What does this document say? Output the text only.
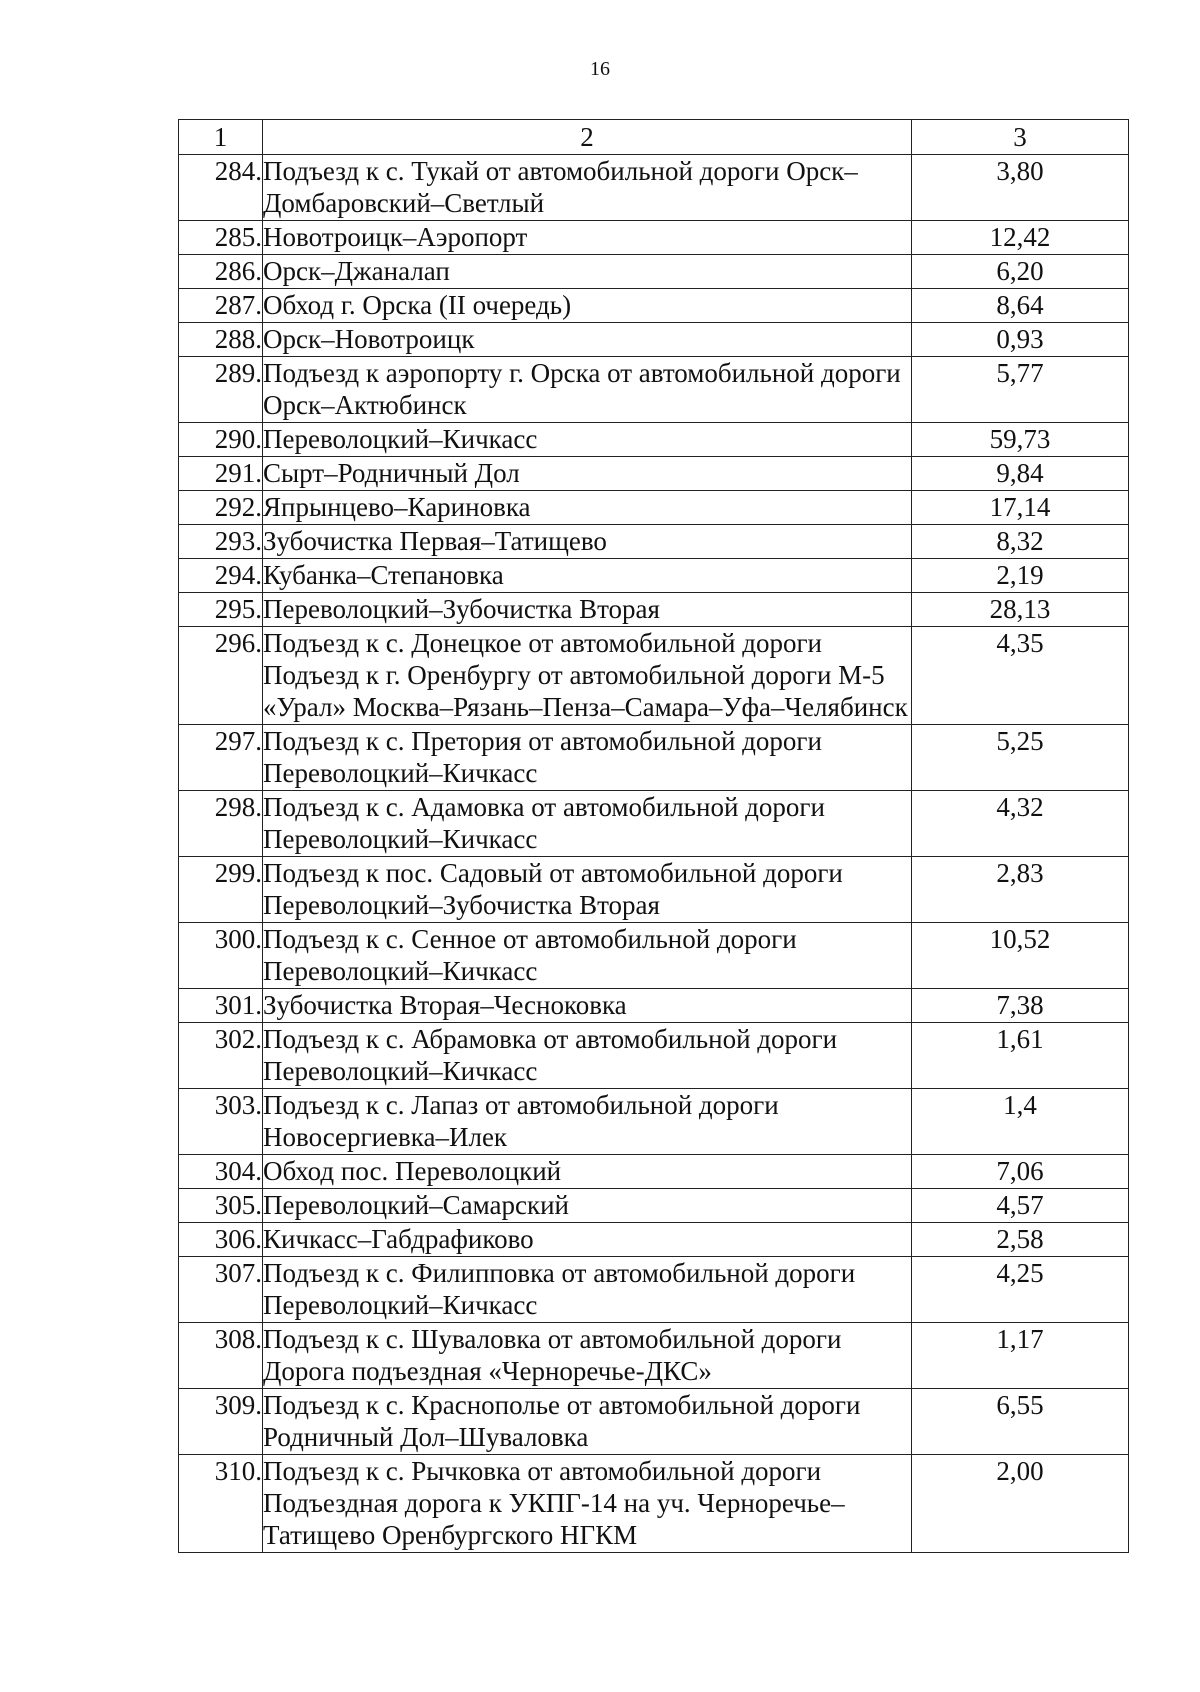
16
1	2	3
284.	Подъезд к с. Тукай от автомобильной дороги Орск–Домбаровский–Светлый	3,80
285.	Новотроицк–Аэропорт	12,42
286.	Орск–Джаналап	6,20
287.	Обход г. Орска (II очередь)	8,64
288.	Орск–Новотроицк	0,93
289.	Подъезд к аэропорту г. Орска от автомобильной дороги Орск–Актюбинск	5,77
290.	Переволоцкий–Кичкасс	59,73
291.	Сырт–Родничный Дол	9,84
292.	Япрынцево–Кариновка	17,14
293.	Зубочистка Первая–Татищево	8,32
294.	Кубанка–Степановка	2,19
295.	Переволоцкий–Зубочистка Вторая	28,13
296.	Подъезд к с. Донецкое от автомобильной дороги Подъезд к г. Оренбургу от автомобильной дороги М-5 «Урал» Москва–Рязань–Пенза–Самара–Уфа–Челябинск	4,35
297.	Подъезд к с. Претория от автомобильной дороги Переволоцкий–Кичкасс	5,25
298.	Подъезд к с. Адамовка от автомобильной дороги Переволоцкий–Кичкасс	4,32
299.	Подъезд к пос. Садовый от автомобильной дороги Переволоцкий–Зубочистка Вторая	2,83
300.	Подъезд к с. Сенное от автомобильной дороги Переволоцкий–Кичкасс	10,52
301.	Зубочистка Вторая–Чесноковка	7,38
302.	Подъезд к с. Абрамовка от автомобильной дороги Переволоцкий–Кичкасс	1,61
303.	Подъезд к с. Лапаз от автомобильной дороги Новосергиевка–Илек	1,4
304.	Обход пос. Переволоцкий	7,06
305.	Переволоцкий–Самарский	4,57
306.	Кичкасс–Габдрафиково	2,58
307.	Подъезд к с. Филипповка от автомобильной дороги Переволоцкий–Кичкасс	4,25
308.	Подъезд к с. Шуваловка от автомобильной дороги Дорога подъездная «Черноречье-ДКС»	1,17
309.	Подъезд к с. Краснополье от автомобильной дороги Родничный Дол–Шуваловка	6,55
310.	Подъезд к с. Рычковка от автомобильной дороги Подъездная дорога к УКПГ-14 на уч. Черноречье–Татищево Оренбургского НГКМ	2,00
